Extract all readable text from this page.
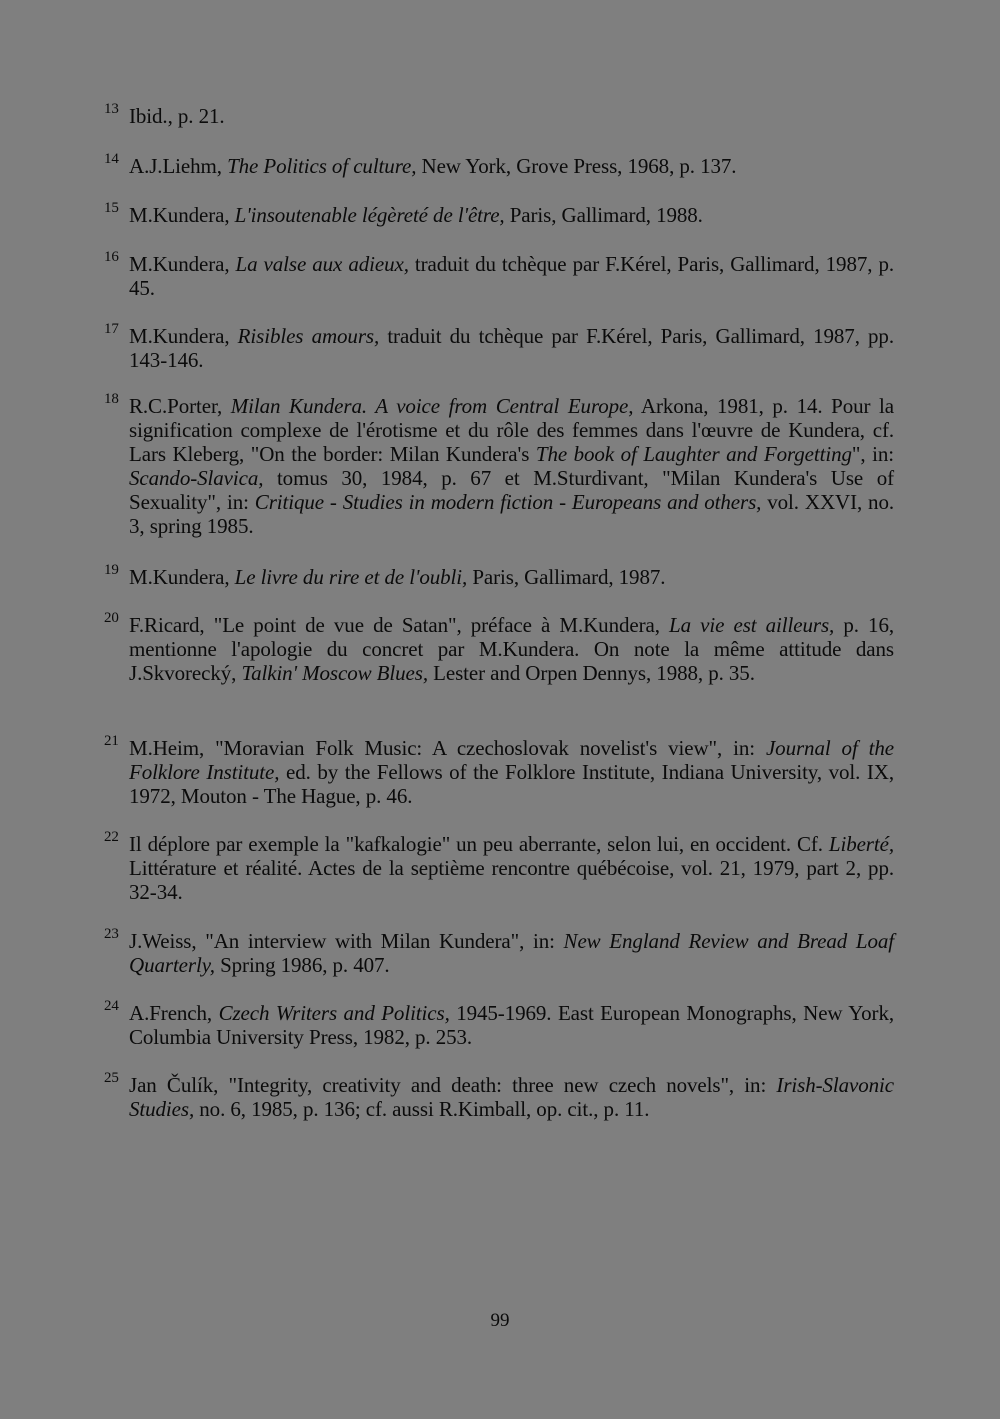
13 Ibid., p. 21.
14 A.J.Liehm, The Politics of culture, New York, Grove Press, 1968, p. 137.
15 M.Kundera, L'insoutenable légèreté de l'être, Paris, Gallimard, 1988.
16 M.Kundera, La valse aux adieux, traduit du tchèque par F.Kérel, Paris, Gallimard, 1987, p. 45.
17 M.Kundera, Risibles amours, traduit du tchèque par F.Kérel, Paris, Gallimard, 1987, pp. 143-146.
18 R.C.Porter, Milan Kundera. A voice from Central Europe, Arkona, 1981, p. 14. Pour la signification complexe de l'érotisme et du rôle des femmes dans l'œuvre de Kundera, cf. Lars Kleberg, "On the border: Milan Kundera's The book of Laughter and Forgetting", in: Scando-Slavica, tomus 30, 1984, p. 67 et M.Sturdivant, "Milan Kundera's Use of Sexuality", in: Critique - Studies in modern fiction - Europeans and others, vol. XXVI, no. 3, spring 1985.
19 M.Kundera, Le livre du rire et de l'oubli, Paris, Gallimard, 1987.
20 F.Ricard, "Le point de vue de Satan", préface à M.Kundera, La vie est ailleurs, p. 16, mentionne l'apologie du concret par M.Kundera. On note la même attitude dans J.Skvorecký, Talkin' Moscow Blues, Lester and Orpen Dennys, 1988, p. 35.
21 M.Heim, "Moravian Folk Music: A czechoslovak novelist's view", in: Journal of the Folklore Institute, ed. by the Fellows of the Folklore Institute, Indiana University, vol. IX, 1972, Mouton - The Hague, p. 46.
22 Il déplore par exemple la "kafkalogie" un peu aberrante, selon lui, en occident. Cf. Liberté, Littérature et réalité. Actes de la septième rencontre québécoise, vol. 21, 1979, part 2, pp. 32-34.
23 J.Weiss, "An interview with Milan Kundera", in: New England Review and Bread Loaf Quarterly, Spring 1986, p. 407.
24 A.French, Czech Writers and Politics, 1945-1969. East European Monographs, New York, Columbia University Press, 1982, p. 253.
25 Jan Čulík, "Integrity, creativity and death: three new czech novels", in: Irish-Slavonic Studies, no. 6, 1985, p. 136; cf. aussi R.Kimball, op. cit., p. 11.
99
